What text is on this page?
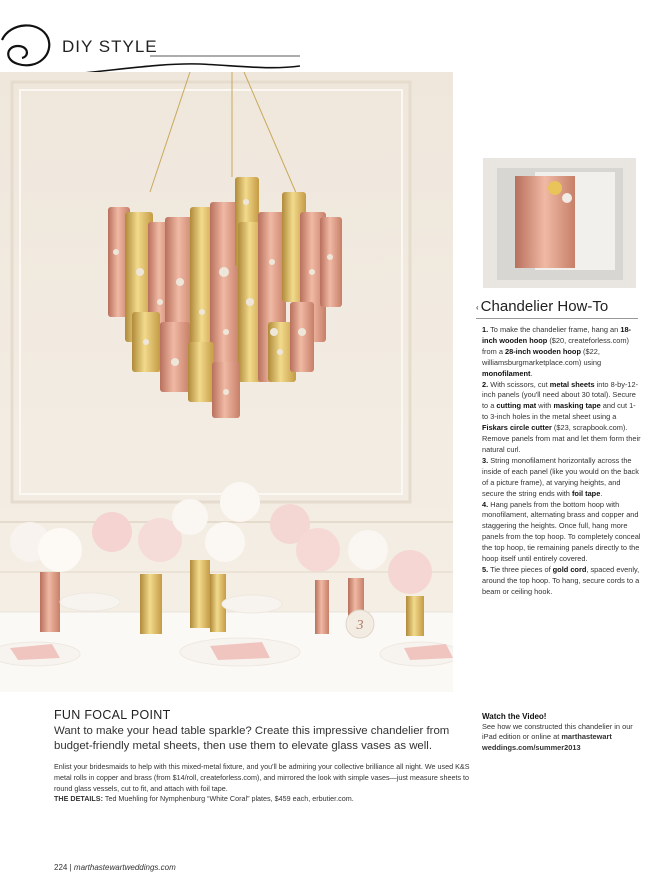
DIY STYLE
3
‹ Chandelier How-To

1. To make the chandelier frame, hang an 18-inch wooden hoop ($20, createforless.com) from a 28-inch wooden hoop ($22, williamsburgmarketplace.com) using monofilament.

2. With scissors, cut metal sheets into 8-by-12-inch panels (you'll need about 30 total). Secure to a cutting mat with masking tape and cut 1- to 3-inch holes in the metal sheet using a Fiskars circle cutter ($23, scrapbook.com). Remove panels from mat and let them form their natural curl.

3. String monofilament horizontally across the inside of each panel (like you would on the back of a picture frame), at varying heights, and secure the string ends with foil tape.

4. Hang panels from the bottom hoop with monofilament, alternating brass and copper and staggering the heights. Once full, hang more panels from the top hoop. To completely conceal the top hoop, tie remaining panels directly to the hoop itself until entirely covered.

5. Tie three pieces of gold cord, spaced evenly, around the top hoop. To hang, secure cords to a beam or ceiling hook.

Watch the Video!
See how we constructed this chandelier in our iPad edition or online at marthastewart weddings.com/summer2013
FUN FOCAL POINT
Want to make your head table sparkle? Create this impressive chandelier from budget-friendly metal sheets, then use them to elevate glass vases as well.

Enlist your bridesmaids to help with this mixed-metal fixture, and you'll be admiring your collective brilliance all night. We used K&S metal rolls in copper and brass (from $14/roll, createforless.com), and mirrored the look with simple vases—just measure sheets to round glass vessels, cut to fit, and attach with foil tape.

THE DETAILS: Ted Muehling for Nymphenburg “White Coral” plates, $459 each, erbutier.com.

224 | marthastewartweddings.com
